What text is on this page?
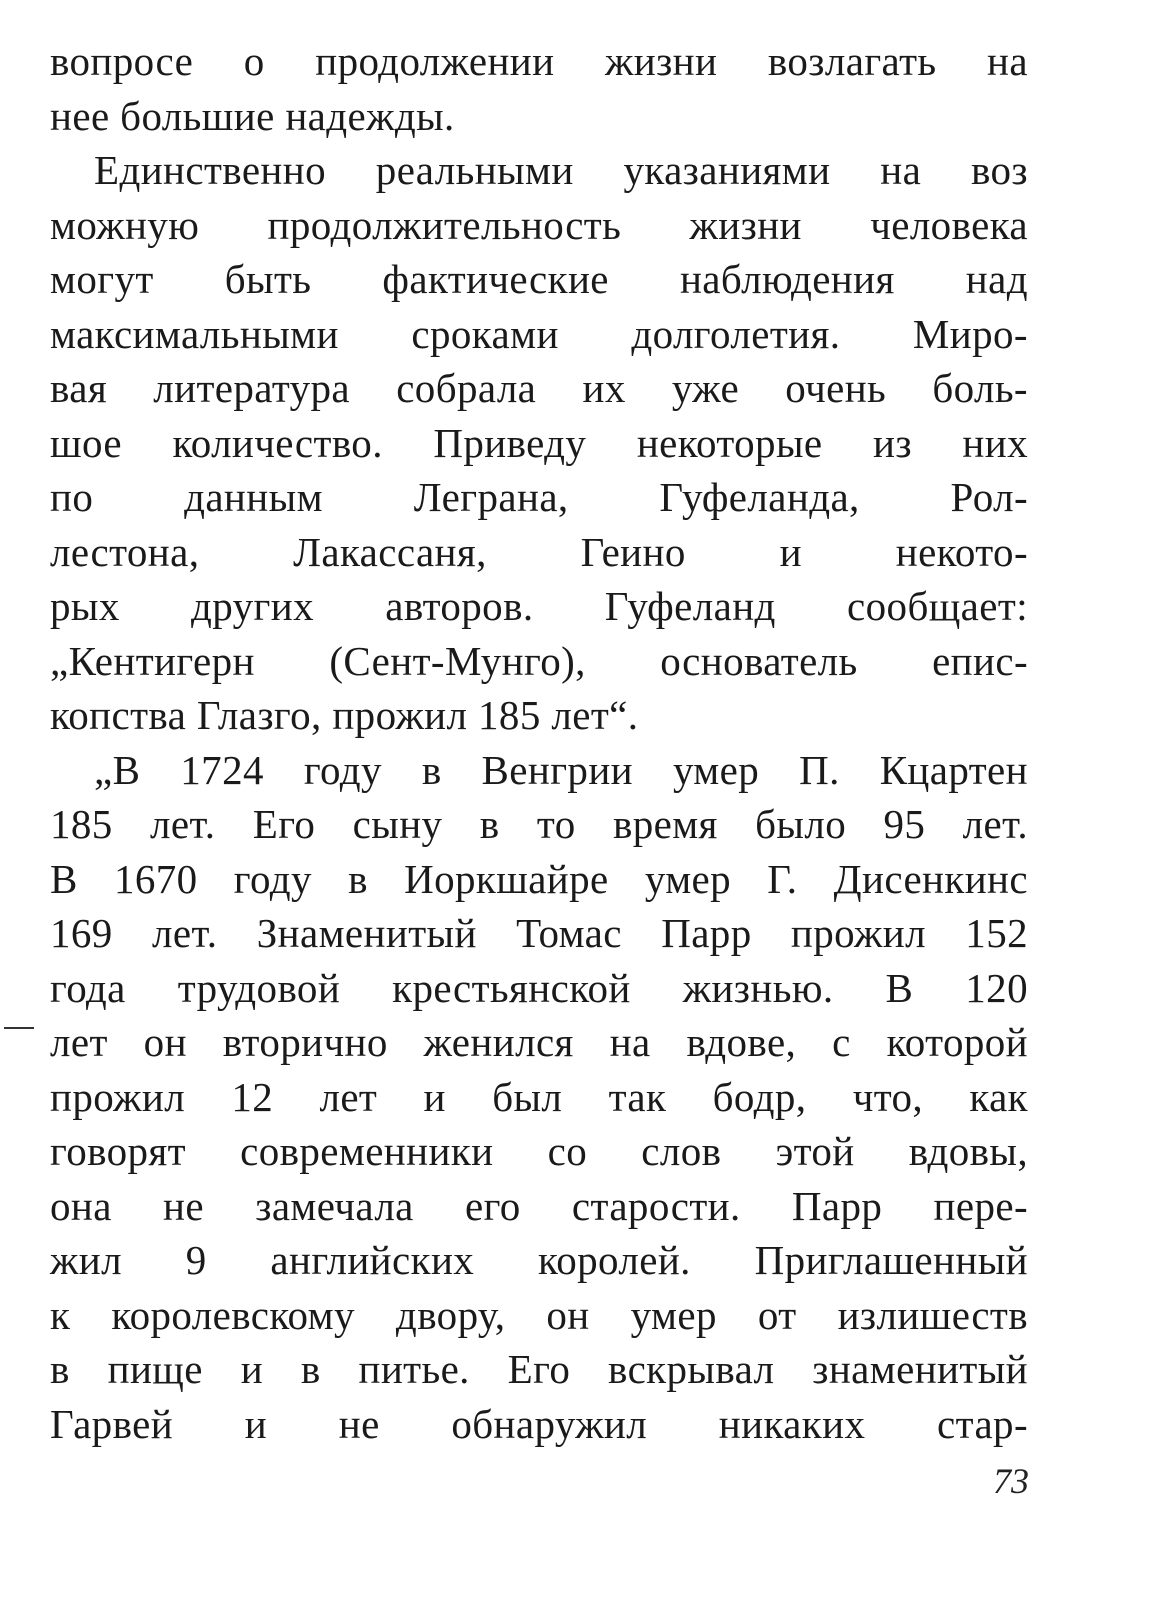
вопросе о продолжении жизни возлагать на
нее большие надежды.
Единственно реальными указаниями на воз
можную продолжительность жизни человека
могут быть фактические наблюдения над
максимальными сроками долголетия. Миро-
вая литература собрала их уже очень боль-
шое количество. Приведу некоторые из них
по данным Леграна, Гуфеланда, Рол-
лестона, Лакассаня, Геино и некото-
рых других авторов. Гуфеланд сообщает:
„Кентигерн (Сент-Мунго), основатель епис-
копства Глазго, прожил 185 лет“.
„В 1724 году в Венгрии умер П. Кцартен
185 лет. Его сыну в то время было 95 лет.
В 1670 году в Иоркшайре умер Г. Дисенкинс
169 лет. Знаменитый Томас Парр прожил 152
года трудовой крестьянской жизнью. В 120
лет он вторично женился на вдове, с которой
прожил 12 лет и был так бодр, что, как
говорят современники со слов этой вдовы,
она не замечала его старости. Парр пере-
жил 9 английских королей. Приглашенный
к королевскому двору, он умер от излишеств
в пище и в питье. Его вскрывал знаменитый
Гарвей и не обнаружил никаких стар-
73
